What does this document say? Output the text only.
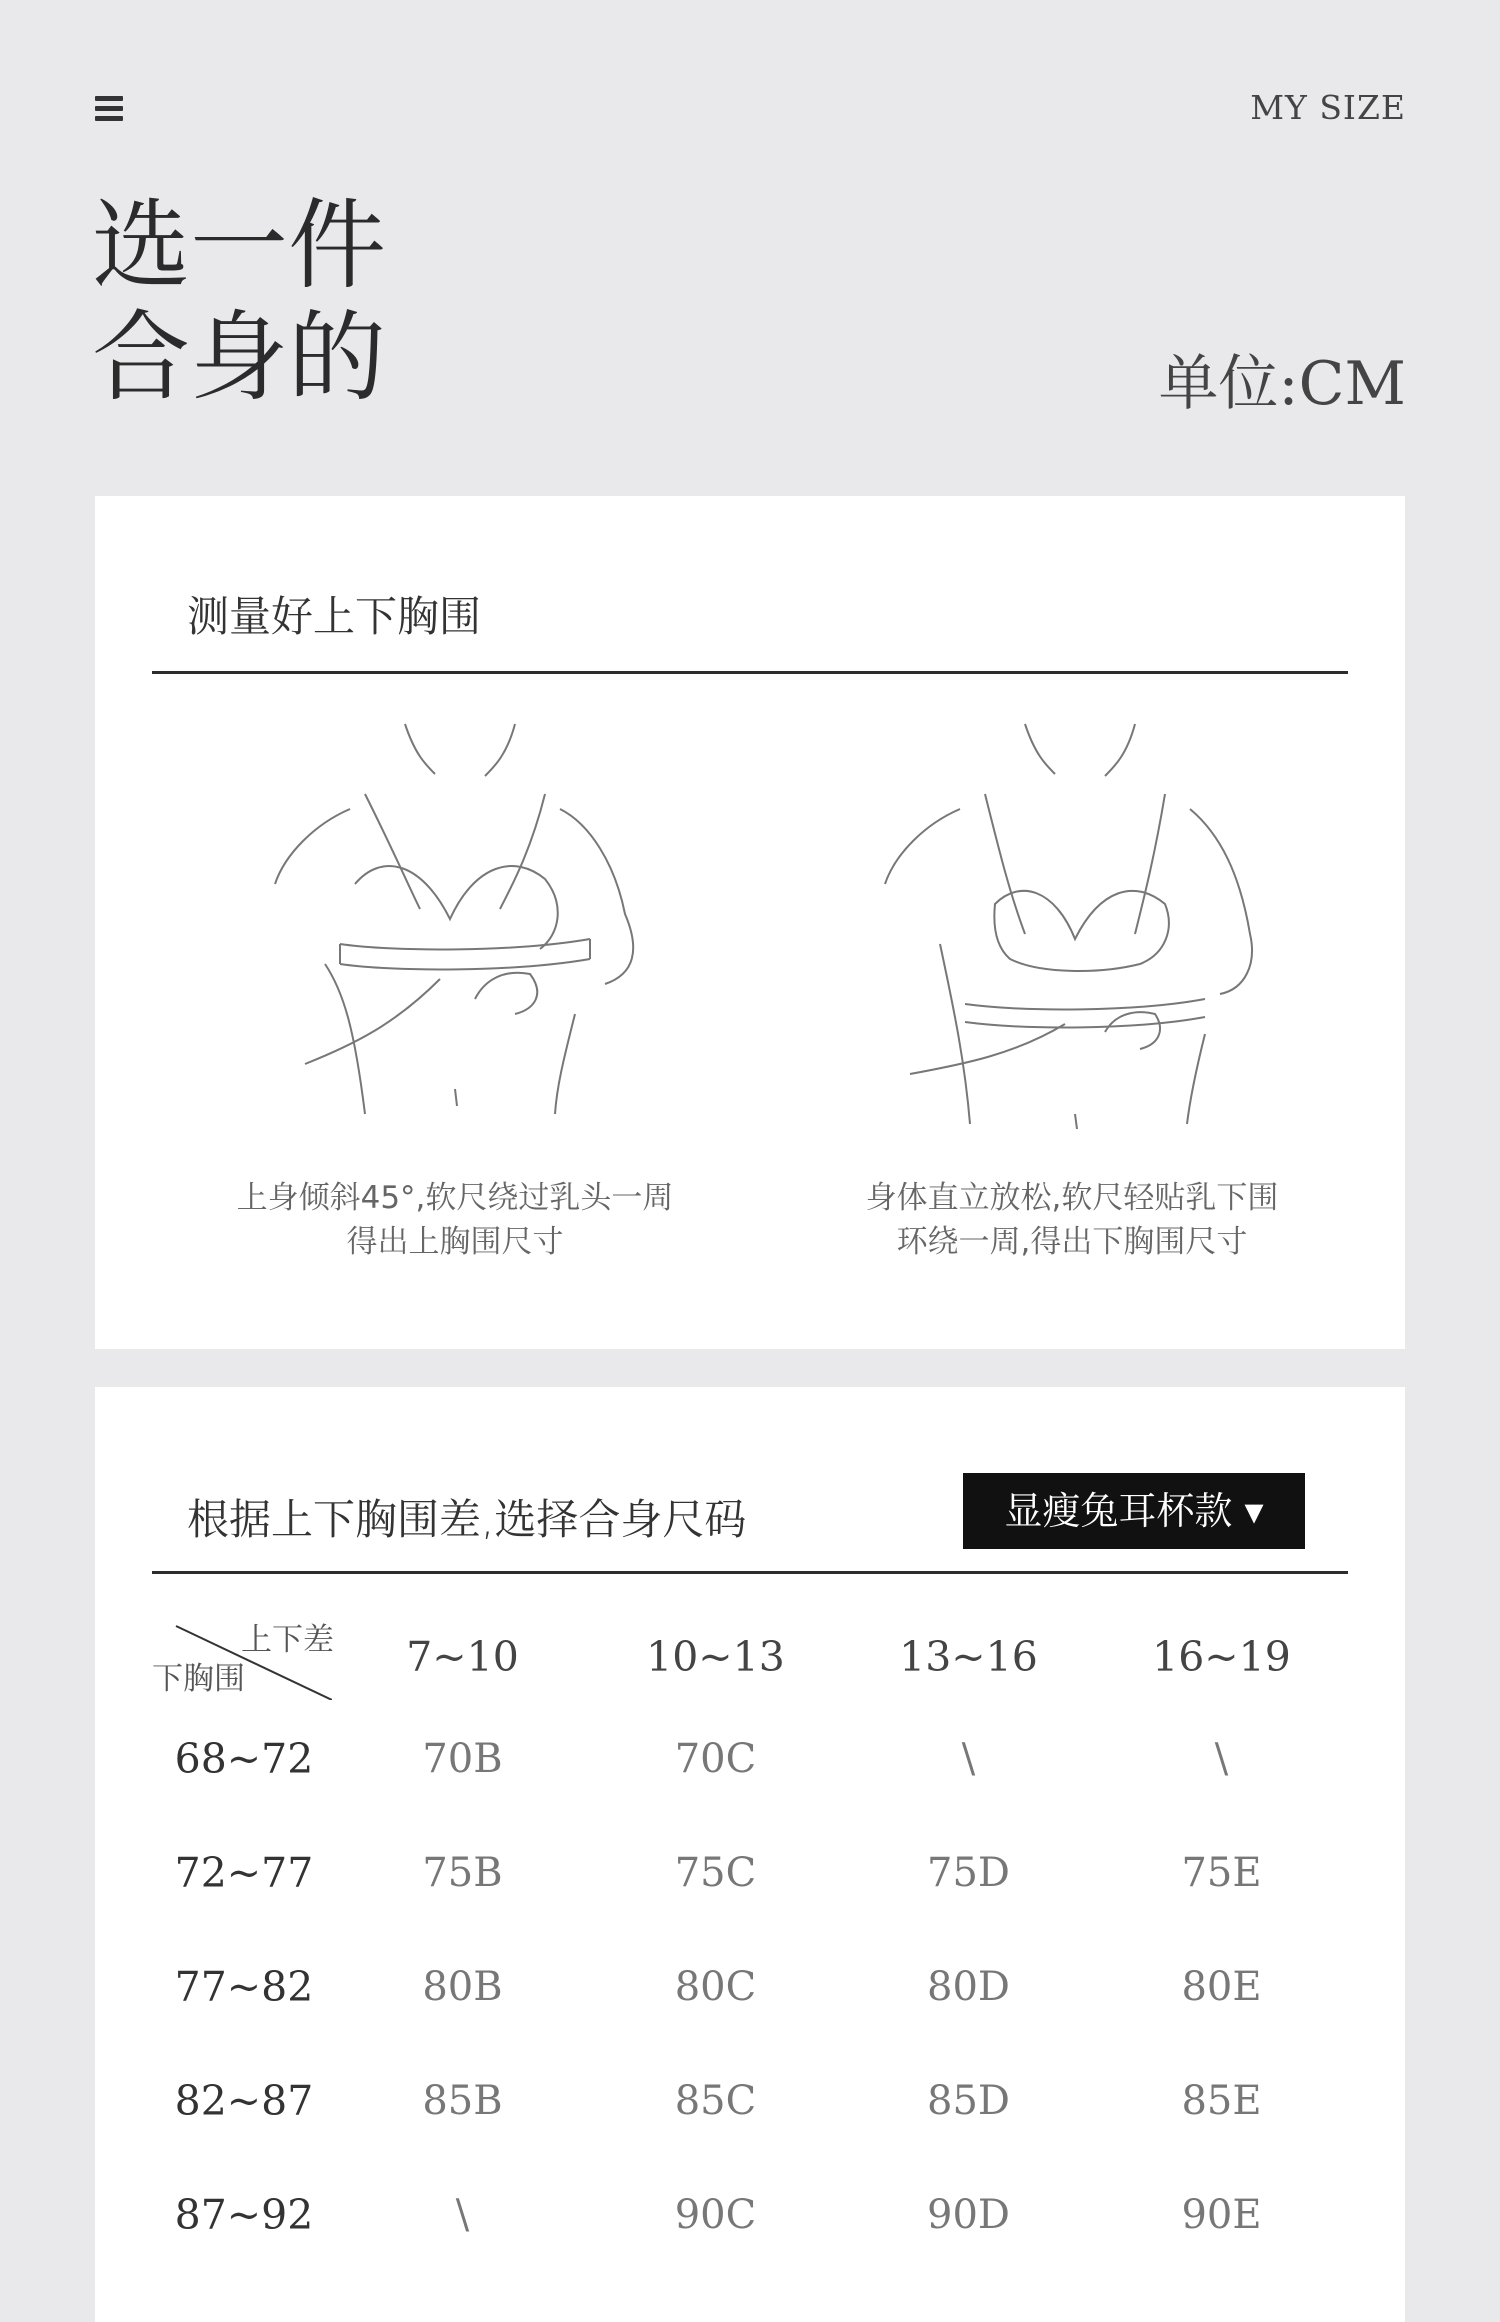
MY SIZE
选一件
合身的	单位:CM
测量好上下胸围
上身倾斜45°,软尺绕过乳头一周
得出上胸围尺寸
身体直立放松,软尺轻贴乳下围
环绕一周,得出下胸围尺寸
根据上下胸围差,选择合身尺码	显瘦兔耳杯款 ▾
上下差
下胸围	7~10	10~13	13~16	16~19
68~72	70B	70C	\	\
72~77	75B	75C	75D	75E
77~82	80B	80C	80D	80E
82~87	85B	85C	85D	85E
87~92	\	90C	90D	90E
